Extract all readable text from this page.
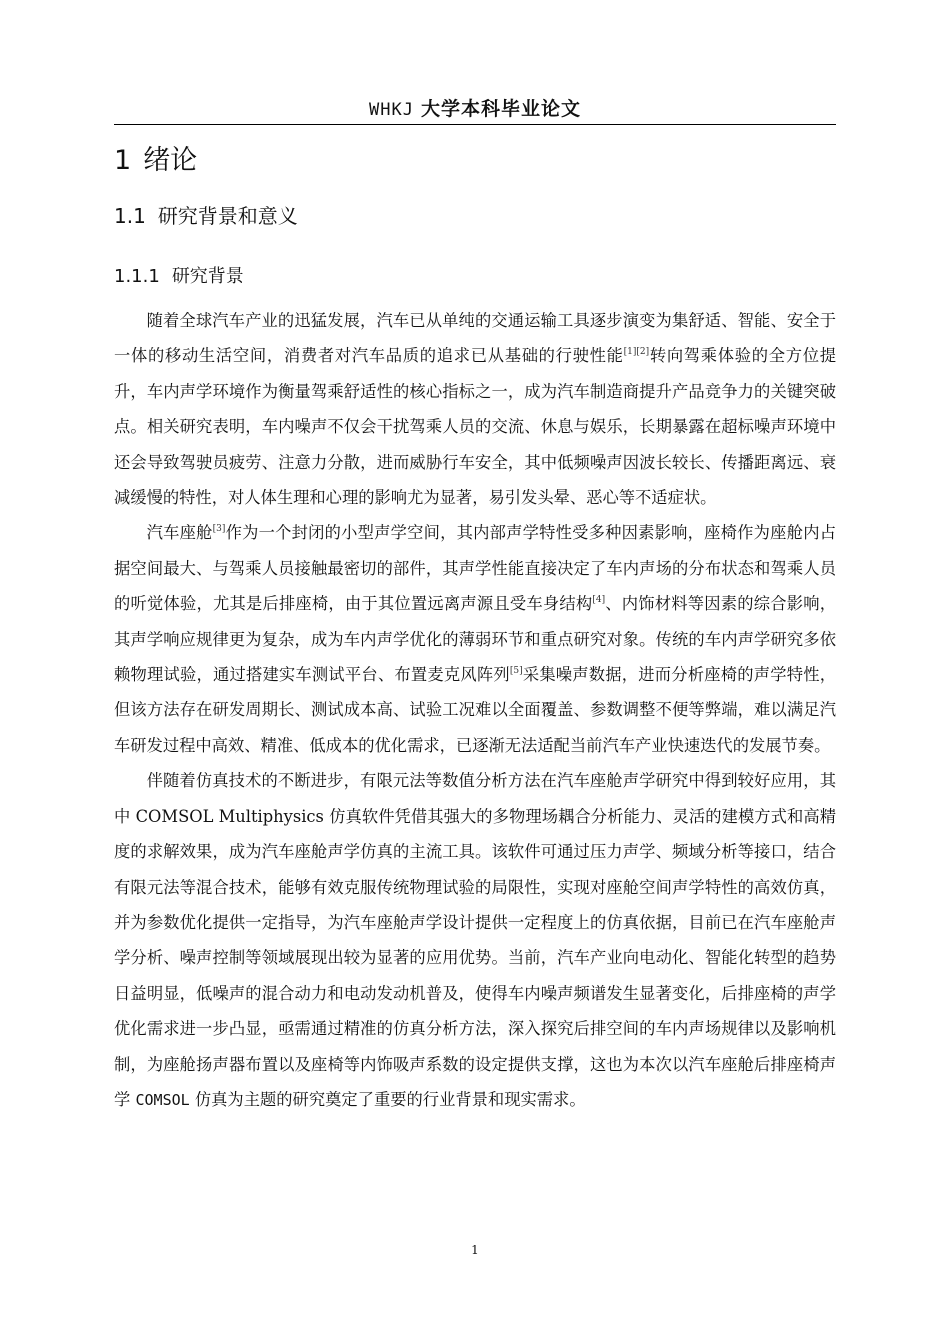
WHKJ 大学本科毕业论文
1 绪论
1.1 研究背景和意义
1.1.1 研究背景

随着全球汽车产业的迅猛发展，汽车已从单纯的交通运输工具逐步演变为集舒适、智能、安全于一体的移动生活空间，消费者对汽车品质的追求已从基础的行驶性能[1][2]转向驾乘体验的全方位提升，车内声学环境作为衡量驾乘舒适性的核心指标之一，成为汽车制造商提升产品竞争力的关键突破点。相关研究表明，车内噪声不仅会干扰驾乘人员的交流、休息与娱乐，长期暴露在超标噪声环境中还会导致驾驶员疲劳、注意力分散，进而威胁行车安全，其中低频噪声因波长较长、传播距离远、衰减缓慢的特性，对人体生理和心理的影响尤为显著，易引发头晕、恶心等不适症状。

汽车座舱[3]作为一个封闭的小型声学空间，其内部声学特性受多种因素影响，座椅作为座舱内占据空间最大、与驾乘人员接触最密切的部件，其声学性能直接决定了车内声场的分布状态和驾乘人员的听觉体验，尤其是后排座椅，由于其位置远离声源且受车身结构[4]、内饰材料等因素的综合影响，其声学响应规律更为复杂，成为车内声学优化的薄弱环节和重点研究对象。传统的车内声学研究多依赖物理试验，通过搭建实车测试平台、布置麦克风阵列[5]采集噪声数据，进而分析座椅的声学特性，但该方法存在研发周期长、测试成本高、试验工况难以全面覆盖、参数调整不便等弊端，难以满足汽车研发过程中高效、精准、低成本的优化需求，已逐渐无法适配当前汽车产业快速迭代的发展节奏。

伴随着仿真技术的不断进步，有限元法等数值分析方法在汽车座舱声学研究中得到较好应用，其中 COMSOL Multiphysics 仿真软件凭借其强大的多物理场耦合分析能力、灵活的建模方式和高精度的求解效果，成为汽车座舱声学仿真的主流工具。该软件可通过压力声学、频域分析等接口，结合有限元法等混合技术，能够有效克服传统物理试验的局限性，实现对座舱空间声学特性的高效仿真，并为参数优化提供一定指导，为汽车座舱声学设计提供一定程度上的仿真依据，目前已在汽车座舱声学分析、噪声控制等领域展现出较为显著的应用优势。当前，汽车产业向电动化、智能化转型的趋势日益明显，低噪声的混合动力和电动发动机普及，使得车内噪声频谱发生显著变化，后排座椅的声学优化需求进一步凸显，亟需通过精准的仿真分析方法，深入探究后排空间的车内声场规律以及影响机制，为座舱扬声器布置以及座椅等内饰吸声系数的设定提供支撑，这也为本次以汽车座舱后排座椅声学 COMSOL 仿真为主题的研究奠定了重要的行业背景和现实需求。

1
